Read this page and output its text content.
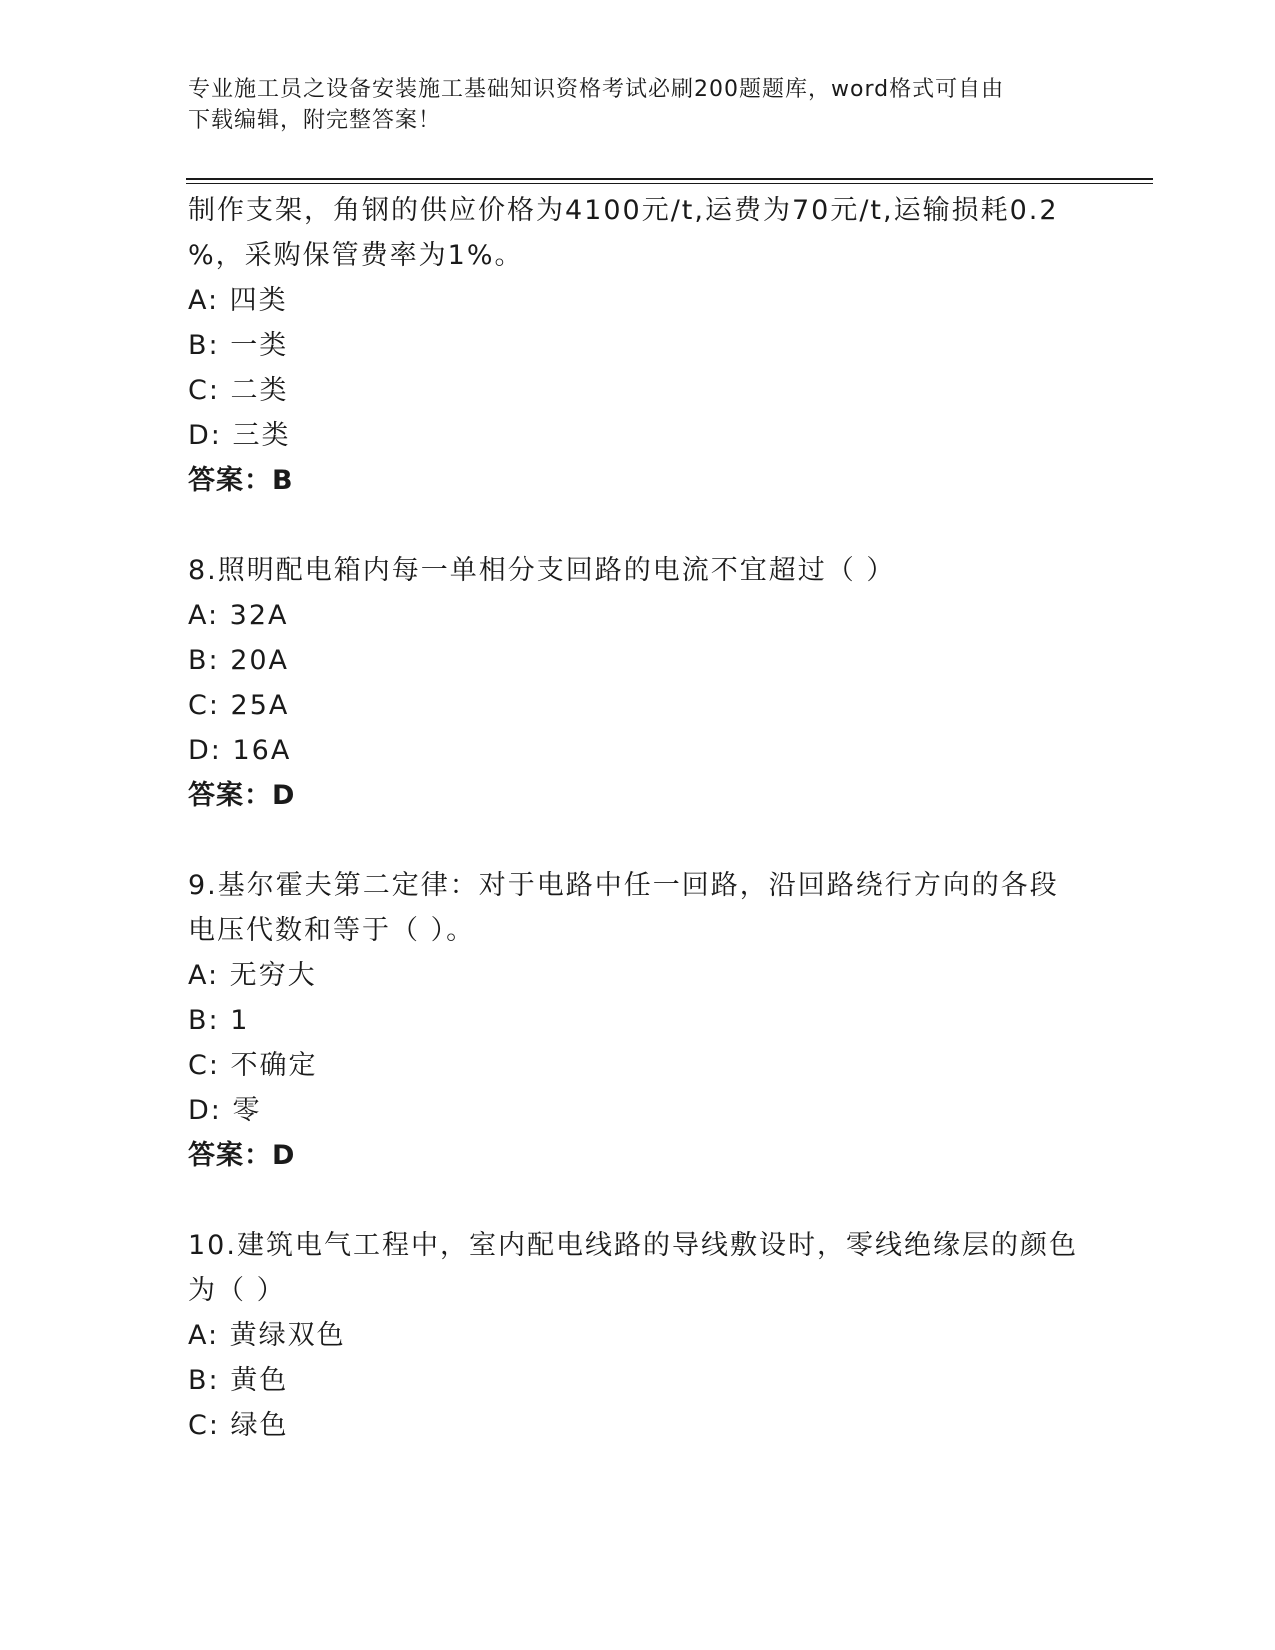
专业施工员之设备安装施工基础知识资格考试必刷200题题库，word格式可自由
下载编辑，附完整答案！

制作支架，角钢的供应价格为4100元/t,运费为70元/t,运输损耗0.2

%，采购保管费率为1%。

A: 四类

B: 一类

C: 二类

D: 三类

答案：B

8.照明配电箱内每一单相分支回路的电流不宜超过（ ）

A: 32A

B: 20A

C: 25A

D: 16A

答案：D

9.基尔霍夫第二定律：对于电路中任一回路，沿回路绕行方向的各段

电压代数和等于（ ）。

A: 无穷大

B: 1

C: 不确定

D: 零

答案：D

10.建筑电气工程中，室内配电线路的导线敷设时，零线绝缘层的颜色

为（ ）

A: 黄绿双色

B: 黄色

C: 绿色
